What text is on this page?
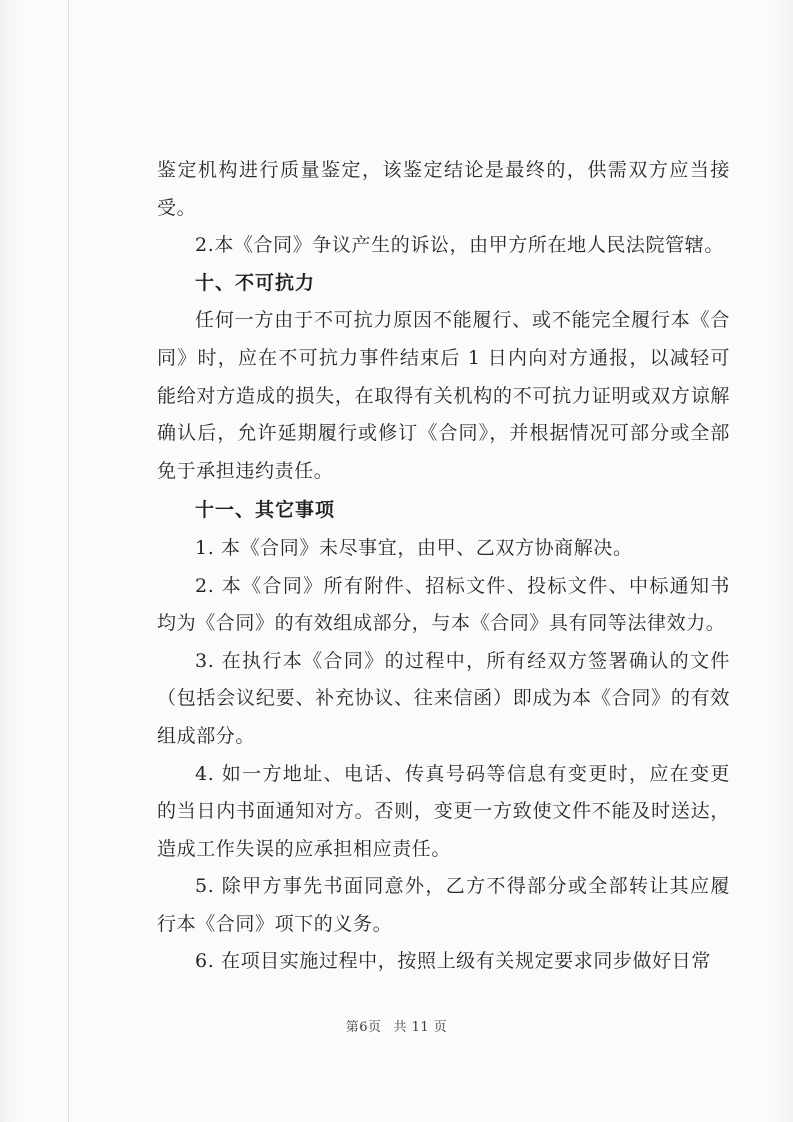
鉴定机构进行质量鉴定，该鉴定结论是最终的，供需双方应当接受。

2.本《合同》争议产生的诉讼，由甲方所在地人民法院管辖。

十、不可抗力

任何一方由于不可抗力原因不能履行、或不能完全履行本《合同》时，应在不可抗力事件结束后 1 日内向对方通报，以减轻可能给对方造成的损失，在取得有关机构的不可抗力证明或双方谅解确认后，允许延期履行或修订《合同》，并根据情况可部分或全部免于承担违约责任。

十一、其它事项

1. 本《合同》未尽事宜，由甲、乙双方协商解决。

2. 本《合同》所有附件、招标文件、投标文件、中标通知书均为《合同》的有效组成部分，与本《合同》具有同等法律效力。

3. 在执行本《合同》的过程中，所有经双方签署确认的文件（包括会议纪要、补充协议、往来信函）即成为本《合同》的有效组成部分。

4. 如一方地址、电话、传真号码等信息有变更时，应在变更的当日内书面通知对方。否则，变更一方致使文件不能及时送达，造成工作失误的应承担相应责任。

5. 除甲方事先书面同意外，乙方不得部分或全部转让其应履行本《合同》项下的义务。

6. 在项目实施过程中，按照上级有关规定要求同步做好日常

第6页 共 11 页
